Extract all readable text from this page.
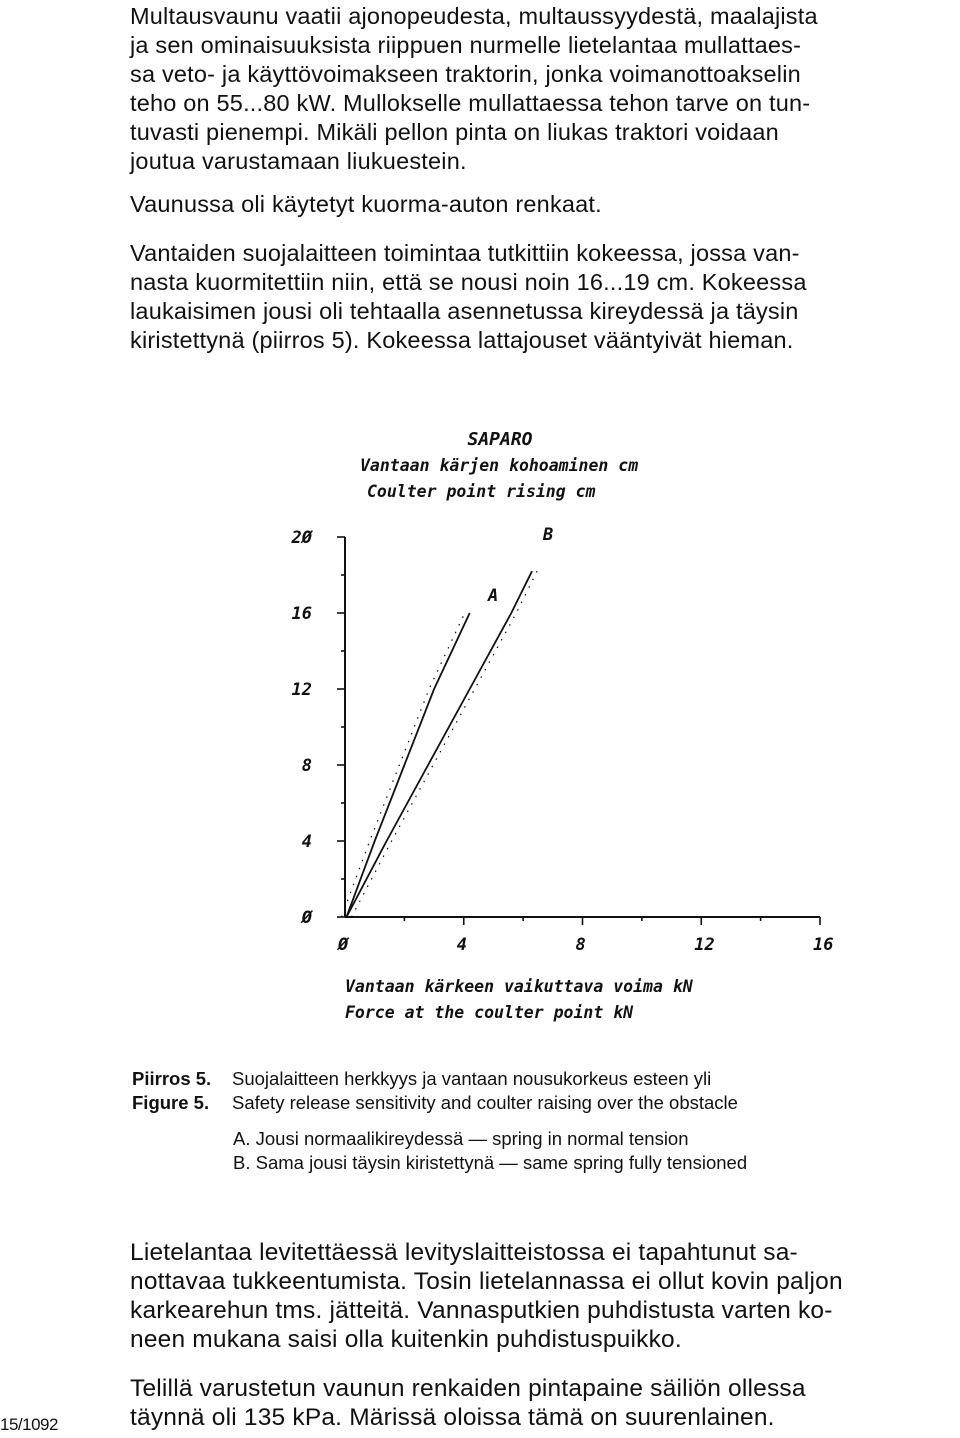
Multausvaunu vaatii ajonopeudesta, multaussyydestä, maalajista

ja sen ominaisuuksista riippuen nurmelle lietelantaa mullattaes-

sa veto- ja käyttövoimakseen traktorin, jonka voimanottoakselin

teho on 55...80 kW. Mullokselle mullattaessa tehon tarve on tun-

tuvasti pienempi. Mikäli pellon pinta on liukas traktori voidaan

joutua varustamaan liukuestein.

Vaunussa oli käytetyt kuorma-auton renkaat.

Vantaiden suojalaitteen toimintaa tutkittiin kokeessa, jossa van-

nasta kuormitettiin niin, että se nousi noin 16...19 cm. Kokeessa

laukaisimen jousi oli tehtaalla asennetussa kireydessä ja täysin

kiristettynä (piirros 5). Kokeessa lattajouset vääntyivät hieman.

SAPARO
Vantaan kärjen kohoaminen cm
Coulter point rising cm
Ø
4
8
12
16
2Ø
Ø	4	8	12	16
A
B
Vantaan kärkeen vaikuttava voima kN
Force at the coulter point kN
Piirros 5. Suojalaitteen herkkyys ja vantaan nousukorkeus esteen yli
Figure 5. Safety release sensitivity and coulter raising over the obstacle
A. Jousi normaalikireydessä — spring in normal tension
B. Sama jousi täysin kiristettynä — same spring fully tensioned

Lietelantaa levitettäessä levityslaitteistossa ei tapahtunut sa-

nottavaa tukkeentumista. Tosin lietelannassa ei ollut kovin paljon

karkearehun tms. jätteitä. Vannasputkien puhdistusta varten ko-

neen mukana saisi olla kuitenkin puhdistuspuikko.

Telillä varustetun vaunun renkaiden pintapaine säiliön ollessa

täynnä oli 135 kPa. Märissä oloissa tämä on suurenlainen.

15/1092
